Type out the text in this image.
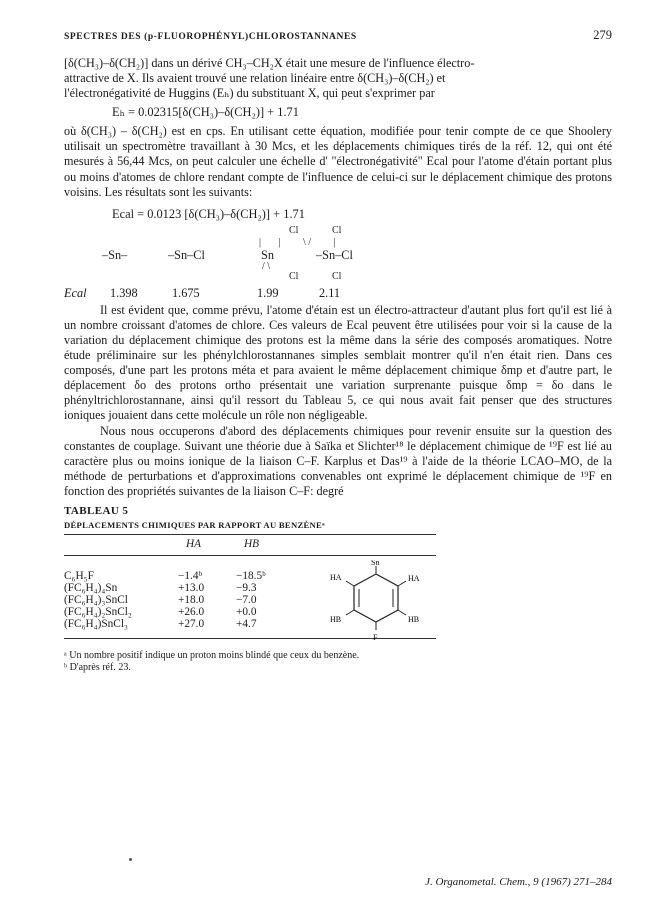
SPECTRES DES (p-FLUOROPHÉNYL)CHLOROSTANNANES	279

[δ(CH₃)–δ(CH₂)] dans un dérivé CH₃–CH₂X était une mesure de l'influence électro-

attractive de X. Ils avaient trouvé une relation linéaire entre δ(CH₃)–δ(CH₂) et

l'électronégativité de Huggins (Eₕ) du substituant X, qui peut s'exprimer par

Eₕ = 0.02315[δ(CH₃)–δ(CH₂)] + 1.71

où δ(CH₃) – δ(CH₂) est en cps. En utilisant cette équation, modifiée pour tenir compte de ce que Shoolery utilisait un spectromètre travaillant à 30 Mcs, et les déplacements chimiques tirés de la réf. 12, qui ont été mesurés à 56,44 Mcs, on peut calculer une échelle d' "électronégativité" Ecal pour l'atome d'étain portant plus ou moins d'atomes de chlore rendant compte de l'influence de celui-ci sur le déplacement chimique des protons voisins. Les résultats sont les suivants:

Ecal = 0.0123 [δ(CH₃)–δ(CH₂)] + 1.71
Cl	Cl
|       |         \ /         |
–Sn–	–Sn–Cl	Sn	–Sn–Cl
/ \
Cl	Cl
Ecal 1.398	1.675	1.99	2.11

Il est évident que, comme prévu, l'atome d'étain est un électro-attracteur d'autant plus fort qu'il est lié à un nombre croissant d'atomes de chlore. Ces valeurs de Ecal peuvent être utilisées pour voir si la cause de la variation du déplacement chimique des protons est la même dans la série des composés aromatiques. Notre étude préliminaire sur les phénylchlorostannanes simples semblait montrer qu'il n'en était rien. Dans ces composés, d'une part les protons méta et para avaient le même déplacement chimique δmp et d'autre part, le déplacement δo des protons ortho présentait une variation surprenante puisque δmp = δo dans le phényltrichlorostannane, ainsi qu'il ressort du Tableau 5, ce qui nous avait fait penser que des structures ioniques jouaient dans cette molécule un rôle non négligeable.

Nous nous occuperons d'abord des déplacements chimiques pour revenir ensuite sur la question des constantes de couplage. Suivant une théorie due à Saïka et Slichter¹⁸ le déplacement chimique de ¹⁹F est lié au caractère plus ou moins ionique de la liaison C–F. Karplus et Das¹⁹ à l'aide de la théorie LCAO–MO, de la méthode de perturbations et d'approximations convenables ont exprimé le déplacement chimique de ¹⁹F en fonction des propriétés suivantes de la liaison C–F: degré

TABLEAU 5
DÉPLACEMENTS CHIMIQUES PAR RAPPORT AU BENZÈNEᵃ
HA	HB
C₆H₅F	−1.4ᵇ	−18.5ᵇ
(FC₆H₄)₄Sn	+13.0	−9.3
(FC₆H₄)₃SnCl	+18.0	−7.0
(FC₆H₄)₂SnCl₂	+26.0	+0.0
(FC₆H₄)SnCl₃	+27.0	+4.7
Sn
F
HA	HA
HB	HB
ᵃ Un nombre positif indique un proton moins blindé que ceux du benzène.
ᵇ D'après réf. 23.
J. Organometal. Chem., 9 (1967) 271–284
